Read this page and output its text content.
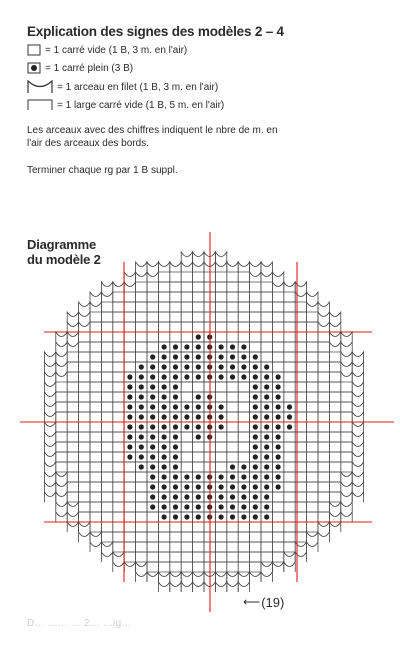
Explication des signes des modèles 2 – 4
= 1 carré vide (1 B, 3 m. en l'air)
= 1 carré plein (3 B)
= 1 arceau en filet (1 B, 3 m. en l'air)
= 1 large carré vide (1 B, 5 m. en l'air)
Les arceaux avec des chiffres indiquent le nbre de m. en
l'air des arceaux des bords.
Terminer chaque rg par 1 B suppl.
Diagramme
du modèle 2
⟵ (19)
D... ...... ... 2... ...ig...
